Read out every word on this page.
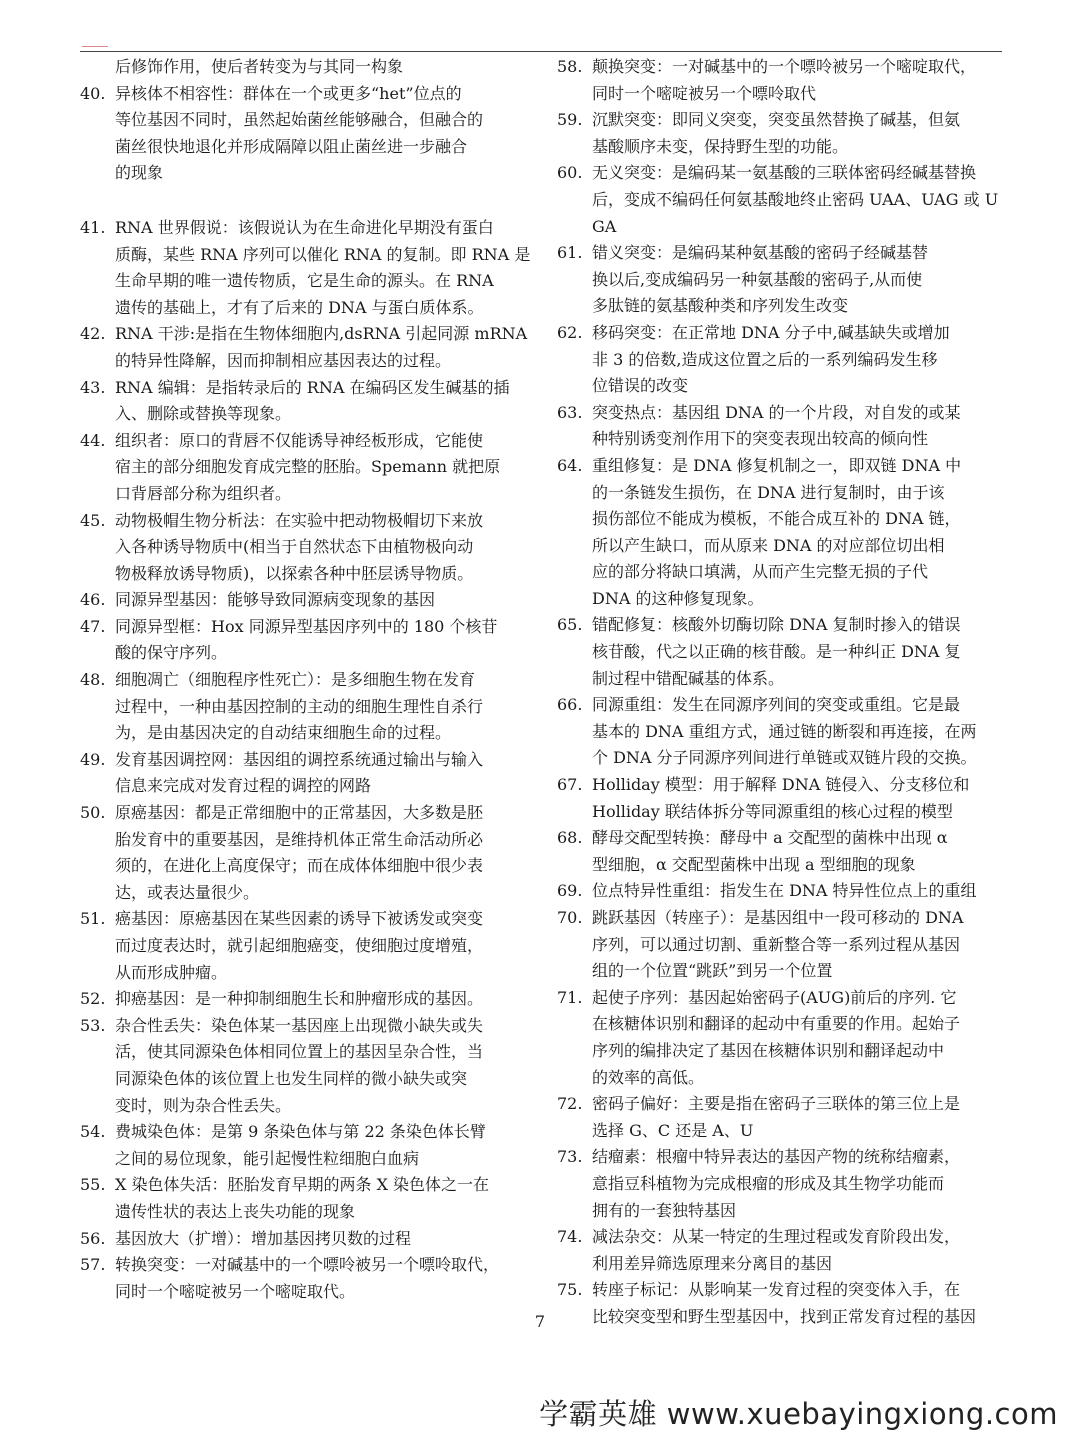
后修饰作用，使后者转变为与其同一构象
40. 异核体不相容性：群体在一个或更多“het”位点的
等位基因不同时，虽然起始菌丝能够融合，但融合的
菌丝很快地退化并形成隔障以阻止菌丝进一步融合
的现象
41. RNA 世界假说：该假说认为在生命进化早期没有蛋白
质酶，某些 RNA 序列可以催化 RNA 的复制。即 RNA 是
生命早期的唯一遗传物质，它是生命的源头。在 RNA
遗传的基础上，才有了后来的 DNA 与蛋白质体系。
42. RNA 干涉:是指在生物体细胞内,dsRNA 引起同源 mRNA
的特异性降解，因而抑制相应基因表达的过程。
43. RNA 编辑：是指转录后的 RNA 在编码区发生碱基的插
入、删除或替换等现象。
44. 组织者：原口的背唇不仅能诱导神经板形成，它能使
宿主的部分细胞发育成完整的胚胎。Spemann 就把原
口背唇部分称为组织者。
45. 动物极帽生物分析法：在实验中把动物极帽切下来放
入各种诱导物质中(相当于自然状态下由植物极向动
物极释放诱导物质)，以探索各种中胚层诱导物质。
46. 同源异型基因：能够导致同源病变现象的基因
47. 同源异型框：Hox 同源异型基因序列中的 180 个核苷
酸的保守序列。
48. 细胞凋亡（细胞程序性死亡）：是多细胞生物在发育
过程中，一种由基因控制的主动的细胞生理性自杀行
为，是由基因决定的自动结束细胞生命的过程。
49. 发育基因调控网：基因组的调控系统通过输出与输入
信息来完成对发育过程的调控的网路
50. 原癌基因：都是正常细胞中的正常基因，大多数是胚
胎发育中的重要基因，是维持机体正常生命活动所必
须的，在进化上高度保守；而在成体体细胞中很少表
达，或表达量很少。
51. 癌基因：原癌基因在某些因素的诱导下被诱发或突变
而过度表达时，就引起细胞癌变，使细胞过度增殖，
从而形成肿瘤。
52. 抑癌基因：是一种抑制细胞生长和肿瘤形成的基因。
53. 杂合性丢失：染色体某一基因座上出现微小缺失或失
活，使其同源染色体相同位置上的基因呈杂合性，当
同源染色体的该位置上也发生同样的微小缺失或突
变时，则为杂合性丢失。
54. 费城染色体：是第 9 条染色体与第 22 条染色体长臂
之间的易位现象，能引起慢性粒细胞白血病
55. X 染色体失活：胚胎发育早期的两条 X 染色体之一在
遗传性状的表达上丧失功能的现象
56. 基因放大（扩增）：增加基因拷贝数的过程
57. 转换突变：一对碱基中的一个嘌呤被另一个嘌呤取代，
同时一个嘧啶被另一个嘧啶取代。
58. 颠换突变：一对碱基中的一个嘌呤被另一个嘧啶取代，
同时一个嘧啶被另一个嘌呤取代
59. 沉默突变：即同义突变，突变虽然替换了碱基，但氨
基酸顺序未变，保持野生型的功能。
60. 无义突变：是编码某一氨基酸的三联体密码经碱基替换
后，变成不编码任何氨基酸地终止密码 UAA、UAG 或 UGA
61. 错义突变：是编码某种氨基酸的密码子经碱基替
换以后,变成编码另一种氨基酸的密码子,从而使
多肽链的氨基酸种类和序列发生改变
62. 移码突变：在正常地 DNA 分子中,碱基缺失或增加
非 3 的倍数,造成这位置之后的一系列编码发生移
位错误的改变
63. 突变热点：基因组 DNA 的一个片段，对自发的或某
种特别诱变剂作用下的突变表现出较高的倾向性
64. 重组修复：是 DNA 修复机制之一，即双链 DNA 中
的一条链发生损伤，在 DNA 进行复制时，由于该
损伤部位不能成为模板，不能合成互补的 DNA 链，
所以产生缺口，而从原来 DNA 的对应部位切出相
应的部分将缺口填满，从而产生完整无损的子代
DNA 的这种修复现象。
65. 错配修复：核酸外切酶切除 DNA 复制时掺入的错误
核苷酸，代之以正确的核苷酸。是一种纠正 DNA 复
制过程中错配碱基的体系。
66. 同源重组：发生在同源序列间的突变或重组。它是最
基本的 DNA 重组方式，通过链的断裂和再连接，在两
个 DNA 分子同源序列间进行单链或双链片段的交换。
67. Holliday 模型：用于解释 DNA 链侵入、分支移位和
Holliday 联结体拆分等同源重组的核心过程的模型
68. 酵母交配型转换：酵母中 a 交配型的菌株中出现 α
型细胞，α 交配型菌株中出现 a 型细胞的现象
69. 位点特异性重组：指发生在 DNA 特异性位点上的重组
70. 跳跃基因（转座子）：是基因组中一段可移动的 DNA
序列，可以通过切割、重新整合等一系列过程从基因
组的一个位置“跳跃”到另一个位置
71. 起使子序列：基因起始密码子(AUG)前后的序列. 它
在核糖体识别和翻译的起动中有重要的作用。起始子
序列的编排决定了基因在核糖体识别和翻译起动中
的效率的高低。
72. 密码子偏好：主要是指在密码子三联体的第三位上是
选择 G、C 还是 A、U
73. 结瘤素：根瘤中特异表达的基因产物的统称结瘤素，
意指豆科植物为完成根瘤的形成及其生物学功能而
拥有的一套独特基因
74. 减法杂交：从某一特定的生理过程或发育阶段出发，
利用差异筛选原理来分离目的基因
75. 转座子标记：从影响某一发育过程的突变体入手，在
比较突变型和野生型基因中，找到正常发育过程的基因
7
学霸英雄 www.xuebayingxiong.com
